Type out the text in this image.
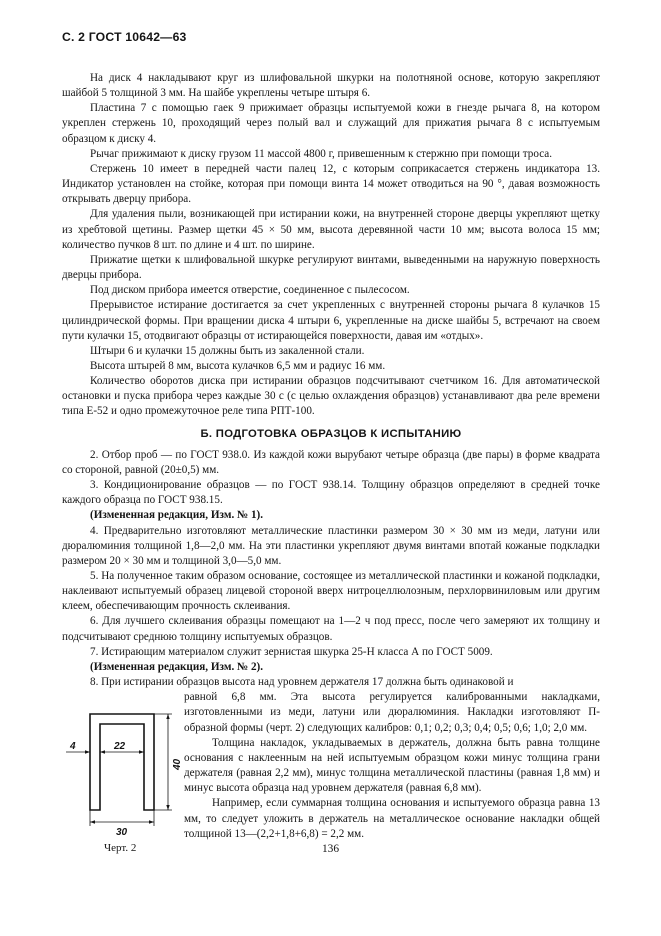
С. 2 ГОСТ 10642—63

На диск 4 накладывают круг из шлифовальной шкурки на полотняной основе, которую закрепляют шайбой 5 толщиной 3 мм. На шайбе укреплены четыре штыря 6.

Пластина 7 с помощью гаек 9 прижимает образцы испытуемой кожи в гнезде рычага 8, на котором укреплен стержень 10, проходящий через полый вал и служащий для прижатия рычага 8 с испытуемым образцом к диску 4.

Рычаг прижимают к диску грузом 11 массой 4800 г, привешенным к стержню при помощи троса.

Стержень 10 имеет в передней части палец 12, с которым соприкасается стержень индикатора 13. Индикатор установлен на стойке, которая при помощи винта 14 может отводиться на 90 °, давая возможность открывать дверцу прибора.

Для удаления пыли, возникающей при истирании кожи, на внутренней стороне дверцы укрепляют щетку из хребтовой щетины. Размер щетки 45 × 50 мм, высота деревянной части 10 мм; высота волоса 15 мм; количество пучков 8 шт. по длине и 4 шт. по ширине.

Прижатие щетки к шлифовальной шкурке регулируют винтами, выведенными на наружную поверхность дверцы прибора.

Под диском прибора имеется отверстие, соединенное с пылесосом.

Прерывистое истирание достигается за счет укрепленных с внутренней стороны рычага 8 кулачков 15 цилиндрической формы. При вращении диска 4 штыри 6, укрепленные на диске шайбы 5, встречают на своем пути кулачки 15, отодвигают образцы от истирающейся поверхности, давая им «отдых».

Штыри 6 и кулачки 15 должны быть из закаленной стали.

Высота штырей 8 мм, высота кулачков 6,5 мм и радиус 16 мм.

Количество оборотов диска при истирании образцов подсчитывают счетчиком 16. Для автоматической остановки и пуска прибора через каждые 30 с (с целью охлаждения образцов) устанавливают два реле времени типа Е-52 и одно промежуточное реле типа РПТ-100.

Б. ПОДГОТОВКА ОБРАЗЦОВ К ИСПЫТАНИЮ

2. Отбор проб — по ГОСТ 938.0. Из каждой кожи вырубают четыре образца (две пары) в форме квадрата со стороной, равной (20±0,5) мм.

3. Кондиционирование образцов — по ГОСТ 938.14. Толщину образцов определяют в средней точке каждого образца по ГОСТ 938.15.

(Измененная редакция, Изм. № 1).

4. Предварительно изготовляют металлические пластинки размером 30 × 30 мм из меди, латуни или дюралюминия толщиной 1,8—2,0 мм. На эти пластинки укрепляют двумя винтами впотай кожаные подкладки размером 20 × 30 мм и толщиной 3,0—5,0 мм.

5. На полученное таким образом основание, состоящее из металлической пластинки и кожаной подкладки, наклеивают испытуемый образец лицевой стороной вверх нитроцеллюлозным, перхлорвиниловым или другим клеем, обеспечивающим прочность склеивания.

6. Для лучшего склеивания образцы помещают на 1—2 ч под пресс, после чего замеряют их толщину и подсчитывают среднюю толщину испытуемых образцов.

7. Истирающим материалом служит зернистая шкурка 25-Н класса А по ГОСТ 5009.

(Измененная редакция, Изм. № 2).

8. При истирании образцов высота над уровнем держателя 17 должна быть одинаковой и

4	22
30
40
Черт. 2

равной 6,8 мм. Эта высота регулируется калиброванными накладками, изготовленными из меди, латуни или дюралюминия. Накладки изготовляют П-образной формы (черт. 2) следующих калибров: 0,1; 0,2; 0,3; 0,4; 0,5; 0,6; 1,0; 2,0 мм.

Толщина накладок, укладываемых в держатель, должна быть равна толщине основания с наклеенным на ней испытуемым образцом кожи минус толщина грани держателя (равная 2,2 мм), минус толщина металлической пластины (равная 1,8 мм) и минус высота образца над уровнем держателя (равная 6,8 мм).

Например, если суммарная толщина основания и испытуемого образца равна 13 мм, то следует уложить в держатель на металлическое основание накладки общей толщиной 13—(2,2+1,8+6,8) = 2,2 мм.

136
